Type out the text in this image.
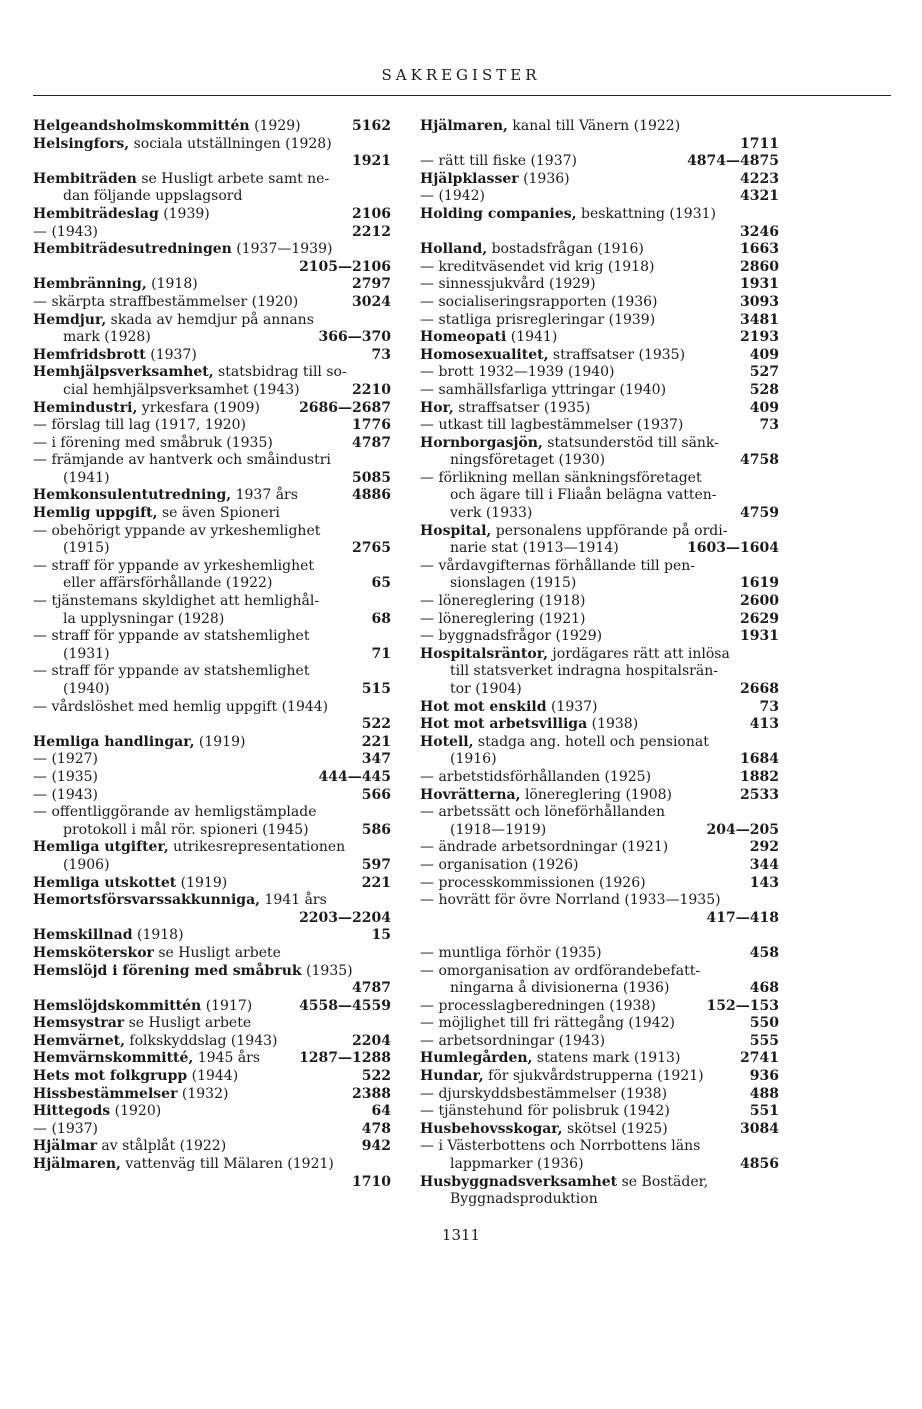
SAKREGISTER
Helgeandsholmskommittén (1929)	5162
Helsingfors, sociala utställningen (1928)
1921
Hembiträden se Husligt arbete samt ne-
dan följande uppslagsord
Hembiträdeslag (1939)	2106
— (1943)	2212
Hembiträdesutredningen (1937—1939)
2105—2106
Hembränning, (1918)	2797
— skärpta straffbestämmelser (1920)	3024
Hemdjur, skada av hemdjur på annans
mark (1928)	366—370
Hemfridsbrott (1937)	73
Hemhjälpsverksamhet, statsbidrag till so-
cial hemhjälpsverksamhet (1943)	2210
Hemindustri, yrkesfara (1909)	2686—2687
— förslag till lag (1917, 1920)	1776
— i förening med småbruk (1935)	4787
— främjande av hantverk och småindustri
(1941)	5085
Hemkonsulentutredning, 1937 års	4886
Hemlig uppgift, se även Spioneri
— obehörigt yppande av yrkeshemlighet
(1915)	2765
— straff för yppande av yrkeshemlighet
eller affärsförhållande (1922)	65
— tjänstemans skyldighet att hemlighål-
la upplysningar (1928)	68
— straff för yppande av statshemlighet
(1931)	71
— straff för yppande av statshemlighet
(1940)	515
— vårdslöshet med hemlig uppgift (1944)
522
Hemliga handlingar, (1919)	221
— (1927)	347
— (1935)	444—445
— (1943)	566
— offentliggörande av hemligstämplade
protokoll i mål rör. spioneri (1945)	586
Hemliga utgifter, utrikesrepresentationen
(1906)	597
Hemliga utskottet (1919)	221
Hemortsförsvarssakkunniga, 1941 års
2203—2204
Hemskillnad (1918)	15
Hemsköterskor se Husligt arbete
Hemslöjd i förening med småbruk (1935)
4787
Hemslöjdskommittén (1917)	4558—4559
Hemsystrar se Husligt arbete
Hemvärnet, folkskyddslag (1943)	2204
Hemvärnskommitté, 1945 års	1287—1288
Hets mot folkgrupp (1944)	522
Hissbestämmelser (1932)	2388
Hittegods (1920)	64
— (1937)	478
Hjälmar av stålplåt (1922)	942
Hjälmaren, vattenväg till Mälaren (1921)
1710
Hjälmaren, kanal till Vänern (1922)
1711
— rätt till fiske (1937)	4874—4875
Hjälpklasser (1936)	4223
— (1942)	4321
Holding companies, beskattning (1931)
3246
Holland, bostadsfrågan (1916)	1663
— kreditväsendet vid krig (1918)	2860
— sinnessjukvård (1929)	1931
— socialiseringsrapporten (1936)	3093
— statliga prisregleringar (1939)	3481
Homeopati (1941)	2193
Homosexualitet, straffsatser (1935)	409
— brott 1932—1939 (1940)	527
— samhällsfarliga yttringar (1940)	528
Hor, straffsatser (1935)	409
— utkast till lagbestämmelser (1937)	73
Hornborgasjön, statsunderstöd till sänk-
ningsföretaget (1930)	4758
— förlikning mellan sänkningsföretaget
och ägare till i Fliaån belägna vatten-
verk (1933)	4759
Hospital, personalens uppförande på ordi-
narie stat (1913—1914)	1603—1604
— vårdavgifternas förhållande till pen-
sionslagen (1915)	1619
— lönereglering (1918)	2600
— lönereglering (1921)	2629
— byggnadsfrågor (1929)	1931
Hospitalsräntor, jordägares rätt att inlösa
till statsverket indragna hospitalsrän-
tor (1904)	2668
Hot mot enskild (1937)	73
Hot mot arbetsvilliga (1938)	413
Hotell, stadga ang. hotell och pensionat
(1916)	1684
— arbetstidsförhållanden (1925)	1882
Hovrätterna, lönereglering (1908)	2533
— arbetssätt och löneförhållanden
(1918—1919)	204—205
— ändrade arbetsordningar (1921)	292
— organisation (1926)	344
— processkommissionen (1926)	143
— hovrätt för övre Norrland (1933—1935)
417—418
— muntliga förhör (1935)	458
— omorganisation av ordförandebefatt-
ningarna å divisionerna (1936)	468
— processlagberedningen (1938)	152—153
— möjlighet till fri rättegång (1942)	550
— arbetsordningar (1943)	555
Humlegården, statens mark (1913)	2741
Hundar, för sjukvårdstrupperna (1921)	936
— djurskyddsbestämmelser (1938)	488
— tjänstehund för polisbruk (1942)	551
Husbehovsskogar, skötsel (1925)	3084
— i Västerbottens och Norrbottens läns
lappmarker (1936)	4856
Husbyggnadsverksamhet se Bostäder,
Byggnadsproduktion
1311
